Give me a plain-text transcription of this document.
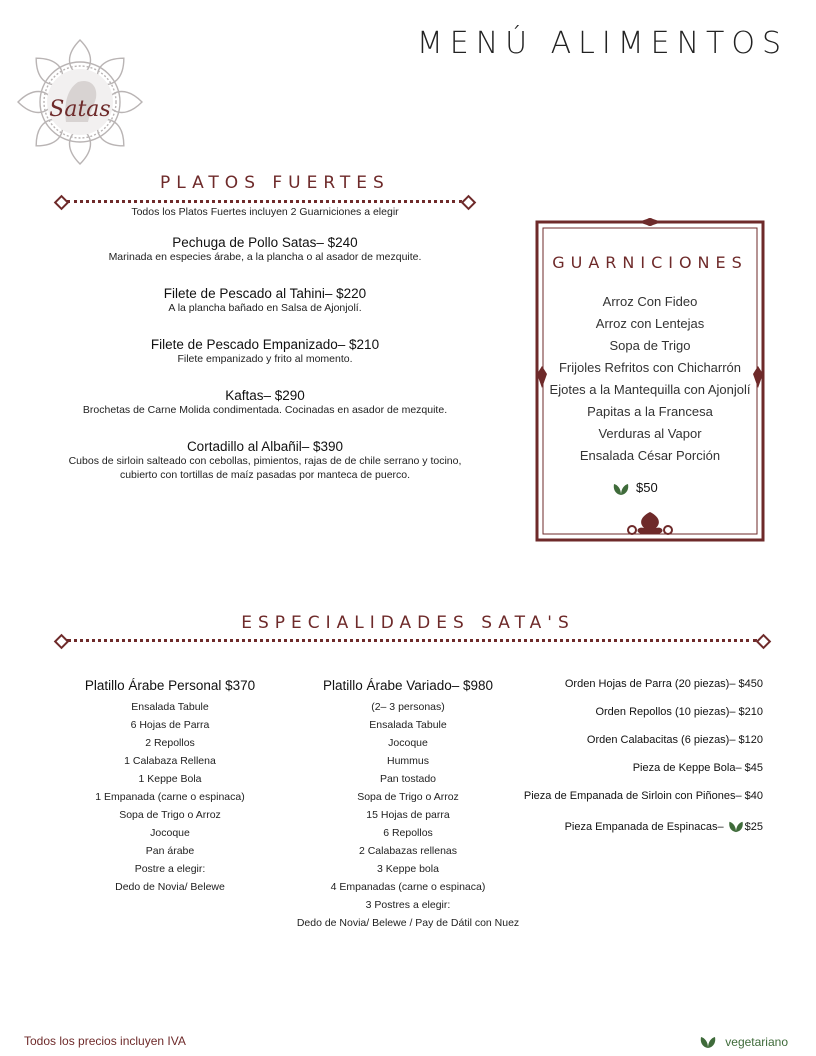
MENÚ ALIMENTOS
Satas
PLATOS FUERTES
Todos los Platos Fuertes incluyen 2 Guarniciones a elegir
Pechuga de Pollo Satas– $240
Marinada en especies árabe, a la plancha o al asador de mezquite.
Filete de Pescado al Tahini– $220
A la plancha bañado en Salsa de Ajonjolí.
Filete de Pescado Empanizado– $210
Filete empanizado y frito al momento.
Kaftas– $290
Brochetas de Carne Molida condimentada. Cocinadas en asador de mezquite.
Cortadillo al Albañil– $390
Cubos de sirloin salteado con cebollas, pimientos, rajas de de chile serrano y tocino,
cubierto con tortillas de maíz pasadas por manteca de puerco.
GUARNICIONES
Arroz Con Fideo
Arroz con Lentejas
Sopa de Trigo
Frijoles Refritos con Chicharrón
Ejotes a la Mantequilla con Ajonjolí
Papitas a la Francesa
Verduras al Vapor
Ensalada César Porción
$50
ESPECIALIDADES SATA'S
Platillo Árabe Personal $370
Ensalada Tabule
6 Hojas de Parra
2 Repollos
1 Calabaza Rellena
1 Keppe Bola
1 Empanada (carne o espinaca)
Sopa de Trigo o Arroz
Jocoque
Pan árabe
Postre a elegir:
Dedo de Novia/ Belewe
Platillo Árabe Variado– $980
(2– 3 personas)
Ensalada Tabule
Jocoque
Hummus
Pan tostado
Sopa de Trigo o Arroz
15 Hojas de parra
6 Repollos
2 Calabazas rellenas
3 Keppe bola
4 Empanadas (carne o espinaca)
3 Postres a elegir:
Dedo de Novia/ Belewe / Pay de Dátil con Nuez
Orden Hojas de Parra (20 piezas)– $450
Orden Repollos (10 piezas)– $210
Orden Calabacitas (6 piezas)– $120
Pieza de Keppe Bola– $45
Pieza de Empanada de Sirloin con Piñones– $40
Pieza Empanada de Espinacas– $25
Todos los precios incluyen IVA	vegetariano
